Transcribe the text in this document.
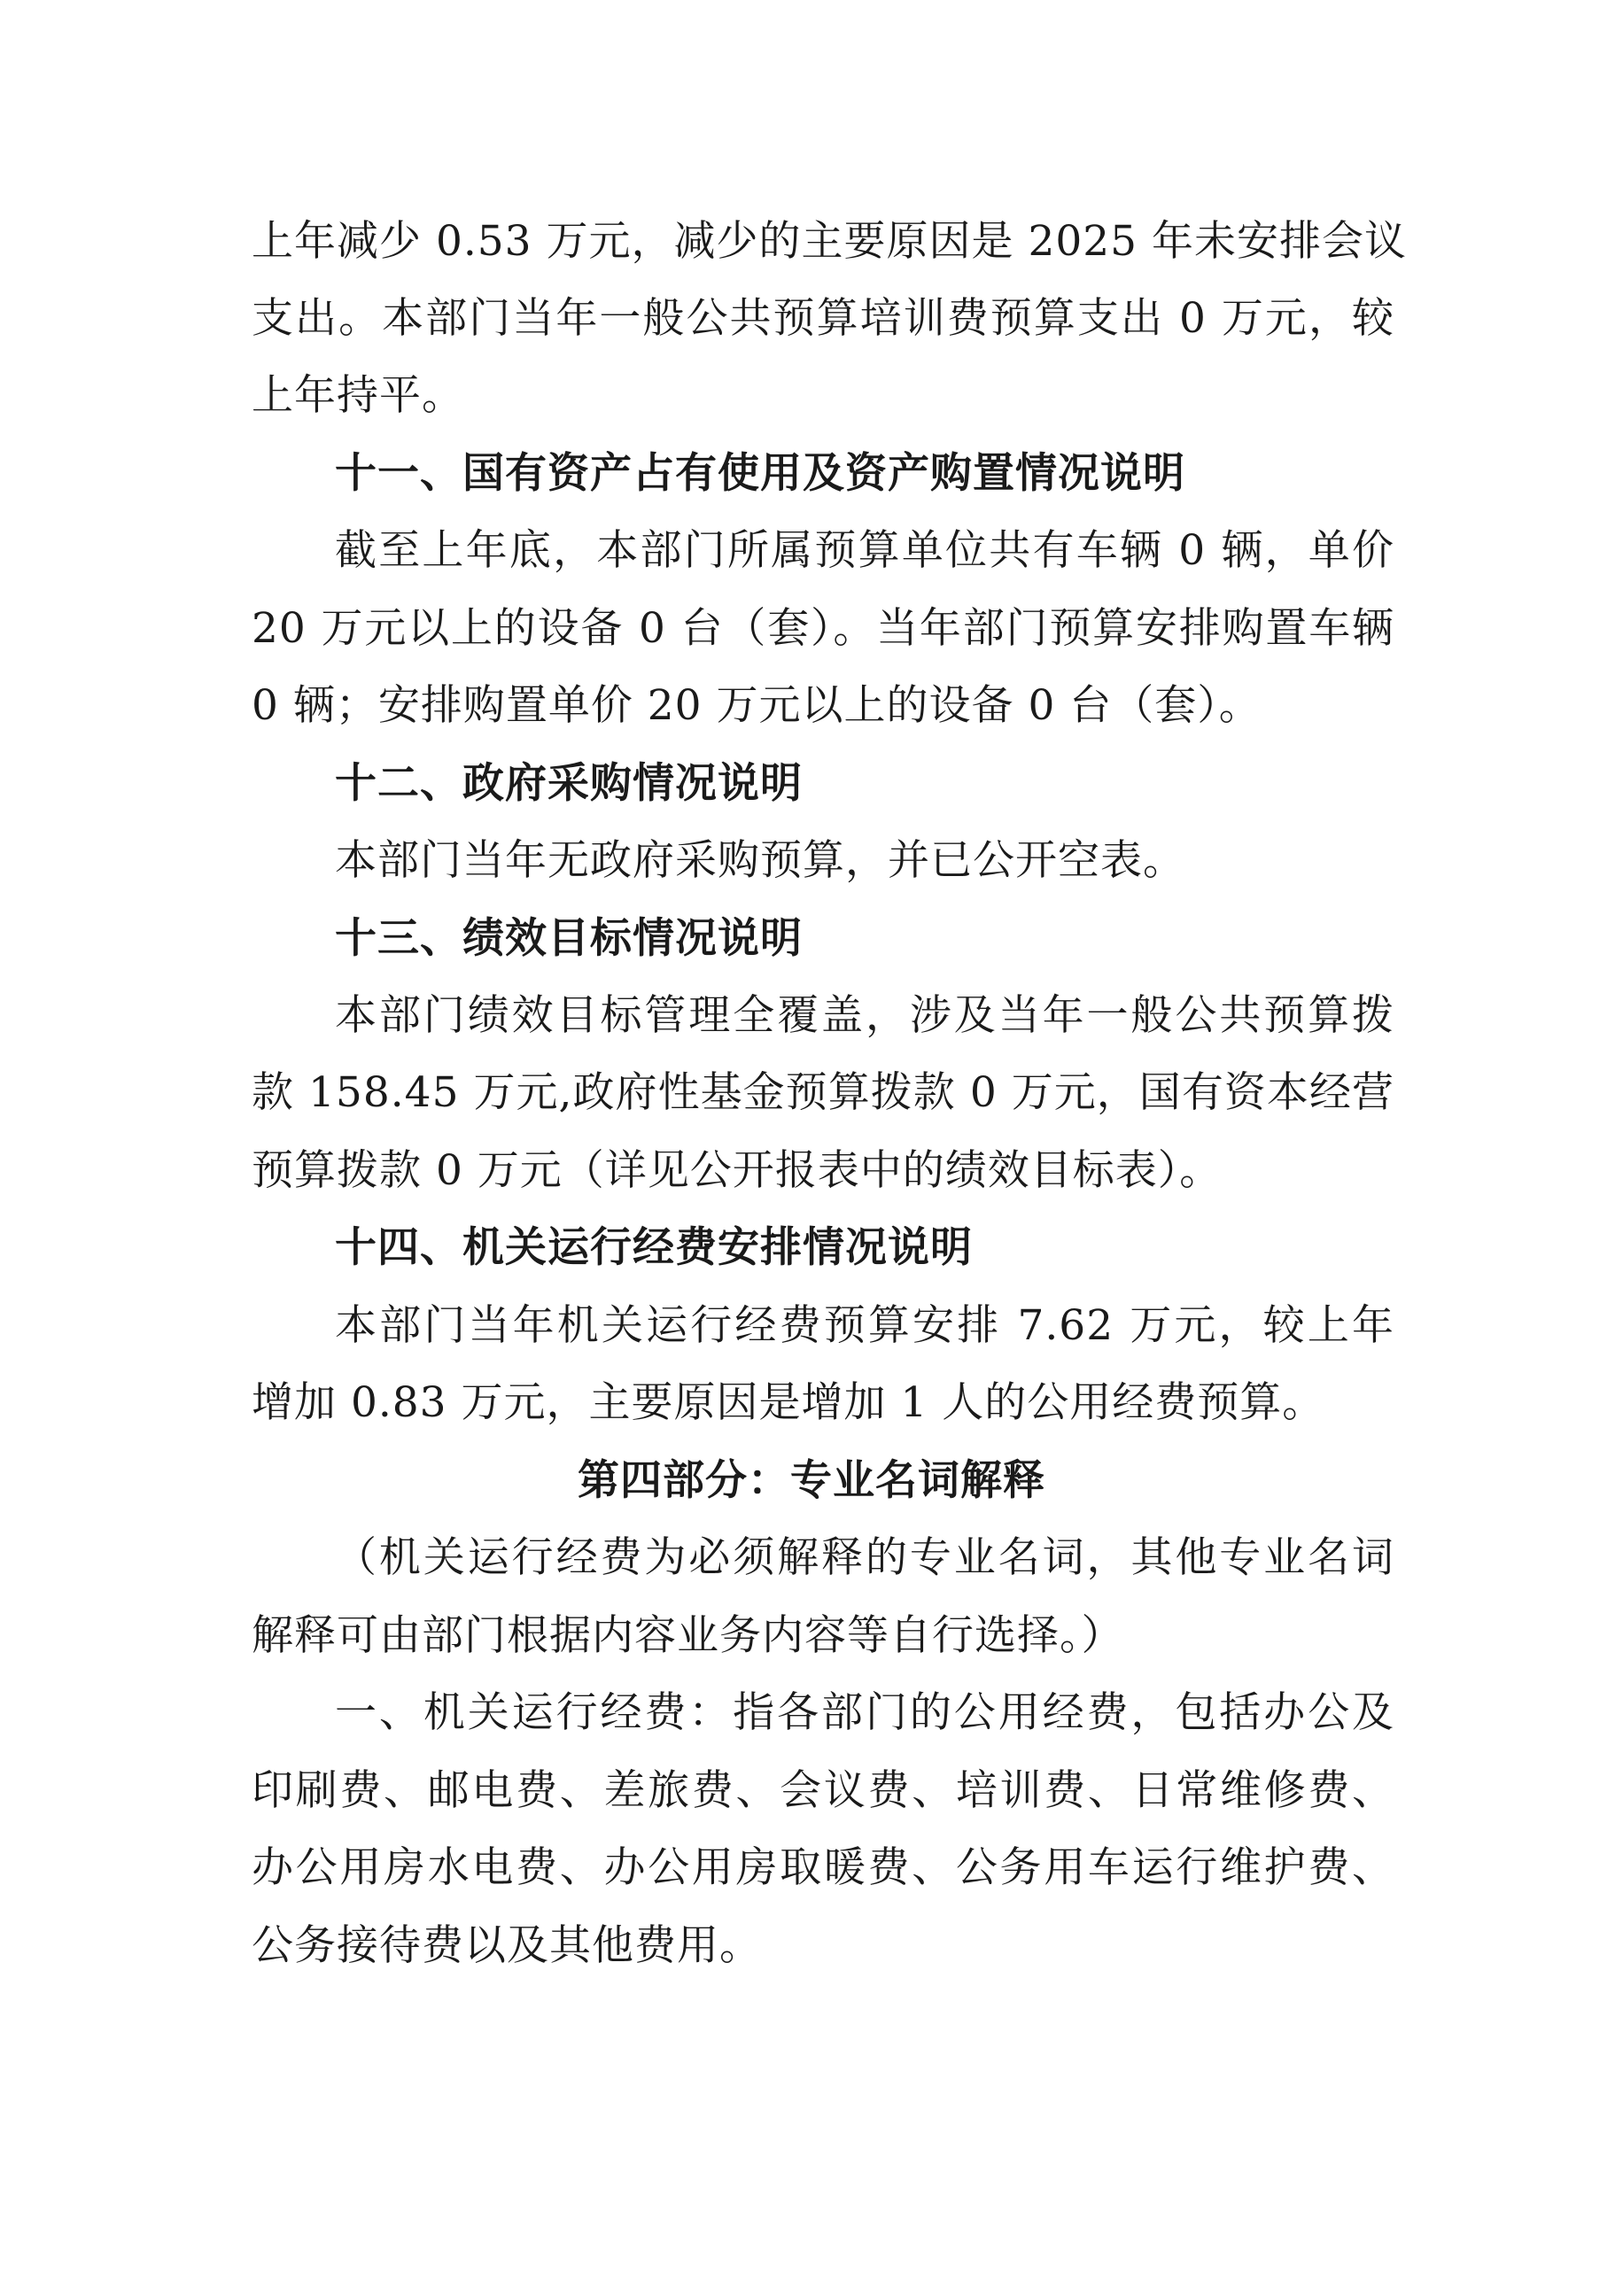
上年减少 0.53 万元，减少的主要原因是 2025 年未安排会议

支出。本部门当年一般公共预算培训费预算支出 0 万元，较

上年持平。

十一、国有资产占有使用及资产购置情况说明

截至上年底，本部门所属预算单位共有车辆 0 辆，单价

20 万元以上的设备 0 台（套）。当年部门预算安排购置车辆

0 辆；安排购置单价 20 万元以上的设备 0 台（套）。

十二、政府采购情况说明

本部门当年无政府采购预算，并已公开空表。

十三、绩效目标情况说明

本部门绩效目标管理全覆盖，涉及当年一般公共预算拨

款 158.45 万元,政府性基金预算拨款 0 万元，国有资本经营

预算拨款 0 万元（详见公开报表中的绩效目标表）。

十四、机关运行经费安排情况说明

本部门当年机关运行经费预算安排 7.62 万元，较上年

增加 0.83 万元，主要原因是增加 1 人的公用经费预算。

第四部分：专业名词解释

（机关运行经费为必须解释的专业名词，其他专业名词

解释可由部门根据内容业务内容等自行选择。）

一、机关运行经费：指各部门的公用经费，包括办公及

印刷费、邮电费、差旅费、会议费、培训费、日常维修费、

办公用房水电费、办公用房取暖费、公务用车运行维护费、

公务接待费以及其他费用。
